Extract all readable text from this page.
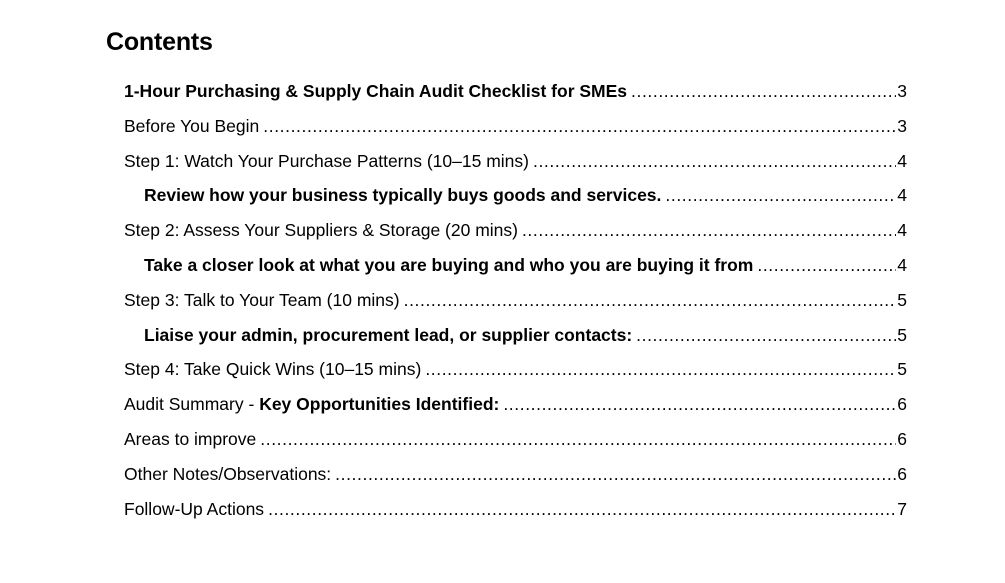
Contents
1-Hour Purchasing & Supply Chain Audit Checklist for SMEs .....	3
Before You Begin .....	3
Step 1: Watch Your Purchase Patterns (10–15 mins) .....	4
Review how your business typically buys goods and services. .....	4
Step 2: Assess Your Suppliers & Storage (20 mins) .....	4
Take a closer look at what you are buying and who you are buying it from .....	4
Step 3: Talk to Your Team (10 mins) .....	5
Liaise your admin, procurement lead, or supplier contacts: .....	5
Step 4: Take Quick Wins (10–15 mins) .....	5
Audit Summary - Key Opportunities Identified: .....	6
Areas to improve .....	6
Other Notes/Observations: .....	6
Follow-Up Actions .....	7
